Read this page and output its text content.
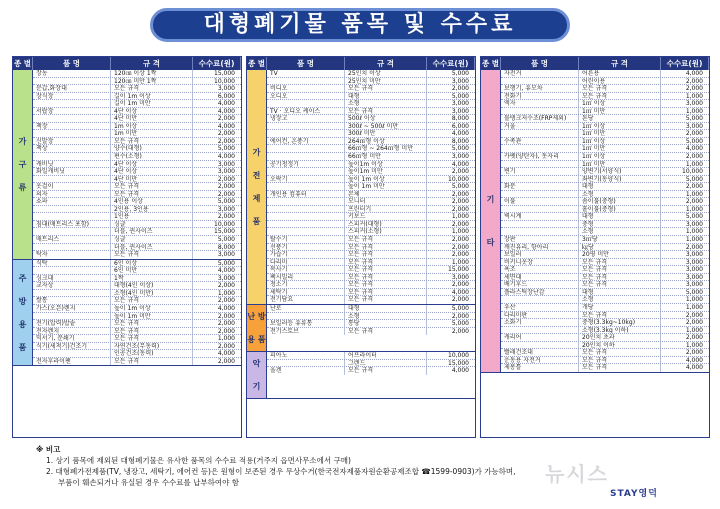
대형폐기물 품목 및 수수료
종 별	품 명	규 격	수수료(원)
가
구
류
장농	120㎝ 이상 1짝	15,000
120㎝ 미만 1짝	10,000
문갑,화장대	모든 규격	3,000
장식장	길이 1m 이상	6,000
길이 1m 미만	4,000
서랍장	4단 이상	4,000
4단 미만	2,000
책장	1m 이상	4,000
1m 미만	2,000
신발장	모든 규격	2,000
책상	양수(대형)	5,000
편수(소형)	4,000
캐비닛	4단 이상	3,000
화일캐비닛	4단 이상	3,000
4단 미만	2,000
옷걸이	모든 규격	2,000
의자	모든 규격	2,000
쇼파	4인용 이상	5,000
2인용, 3인용	3,000
1인용	2,000
침대(매트리스 포함)	싱글	10,000
더블, 퀸사이즈	15,000
매트리스	싱글	5,000
더블, 퀸사이즈	8,000
탁자	모든 규격	3,000
주
방
용
품
식탁	6인 이상	5,000
6인 미만	4,000
싱크대	1짝	3,000
교자상	대형(4인 이상)	2,000
소형(4인 미만)	1,000
쌀통	모든 규격	2,000
가스(오븐)렌지	높이 1m 이상	4,000
높이 1m 미만	2,000
전기(압력)밥솥	모든 규격	2,000
전자렌지	모든 규격	2,000
믹서기, 분쇄기	모든 규격	1,000
식기(세척기)건조기	자연건조(무동력)	2,000
인공건조(동력)	4,000
전자후라이팬	모든 규격	2,000
종 별	품 명	규 격	수수료(원)
가
전
제
품
TV	25인치 이상	5,000
25인치 미만	3,000
비디오	모든 규격	2,000
오디오	대형	5,000
소형	3,000
TV · 오디오 케이스	모든 규격	3,000
냉장고	500ℓ 이상	8,000
300ℓ ~ 500ℓ 미만	6,000
300ℓ 미만	4,000
에어컨, 온풍기	264㎡형 이상	8,000
66㎡형 ~ 264㎡형 미만	5,000
66㎡형 미만	3,000
공기청정기	높이1m 이상	4,000
높이1m 미만	2,000
오락기	높이 1m 이상	10,000
높이 1m 미만	5,000
개인용 컴퓨터	본체	2,000
모니터	2,000
프린터기	2,000
키보드	1,000
스피커(대형)	2,000
스피커(소형)	1,000
탈수기	모든 규격	2,000
선풍기	모든 규격	2,000
가습기	모든 규격	2,000
다리미	모든 규격	1,000
복사기	모든 규격	15,000
팩시밀리	모든 규격	3,000
청소기	모든 규격	2,000
세탁기	모든 규격	4,000
전기담요	모든 규격	2,000
난 방
용 품
난로	대형	5,000
소형	2,000
보일러등 유류통	통당	5,000
전기스토브	모든 규격	2,000
악
기
피아노	어프라이터	10,000
그랜드	15,000
올겐	모든 규격	4,000
종 별	품 명	규 격	수수료(원)
기
타
자전거	어른용	4,000
어린이용	2,000
보행기, 유모차	모든 규격	2,000
전화기	모든 규격	1,000
액자	1㎡ 이상	3,000
1㎡ 미만	1,000
물탱크저수조(FRP제외)	톤당	5,000
거울	1㎡ 이상	3,000
1㎡ 미만	2,000
수족관	1㎡ 이상	5,000
1㎡ 미만	4,000
카펫(양탄자), 돗자리	1㎡ 이상	2,000
1㎡ 미만	1,000
변기	양변기(서양식)	10,000
좌변기(동양식)	5,000
화분	대형	2,000
소형	1,000
이불	솜이불(중형)	2,000
홑이불(중형)	1,000
벽시계	대형	5,000
중형	3,000
소형	1,000
장판	3㎡당	1,000
깨진유리, 항아리	㎏당	2,000
보일러	20평 미만	3,000
비키니옷장	모든 규격	3,000
욕조	모든 규격	3,000
세면대	모든 규격	3,000
배기후드	모든 규격	3,000
플라스틱장난감	대형	5,000
소형	1,000
우산	개당	1,000
다리미판	모든 규격	2,000
소화기	중형(3.3kg~10kg)	2,000
소형(3.3kg 이하)	1,000
캐리어	20인치 초과	2,000
20인치 이하	1,000
빨래건조대	모든 규격	2,000
운동용 자전거	모든 규격	4,000
제봉틀	모든 규격	4,000
※ 비고
1. 상기 품목에 제외된 대형폐기물은 유사한 품목의 수수료 적용(거주지 읍면사무소에서 구매)
2. 대형폐가전제품(TV, 냉장고, 세탁기, 에어컨 등)은 원형이 보존된 경우 무상수거(한국전자제품자원순환공제조합 ☎1599-0903)가 가능하며,
부품이 훼손되거나 유실된 경우 수수료를 납부하여야 함	뉴시스
STAY영덕
